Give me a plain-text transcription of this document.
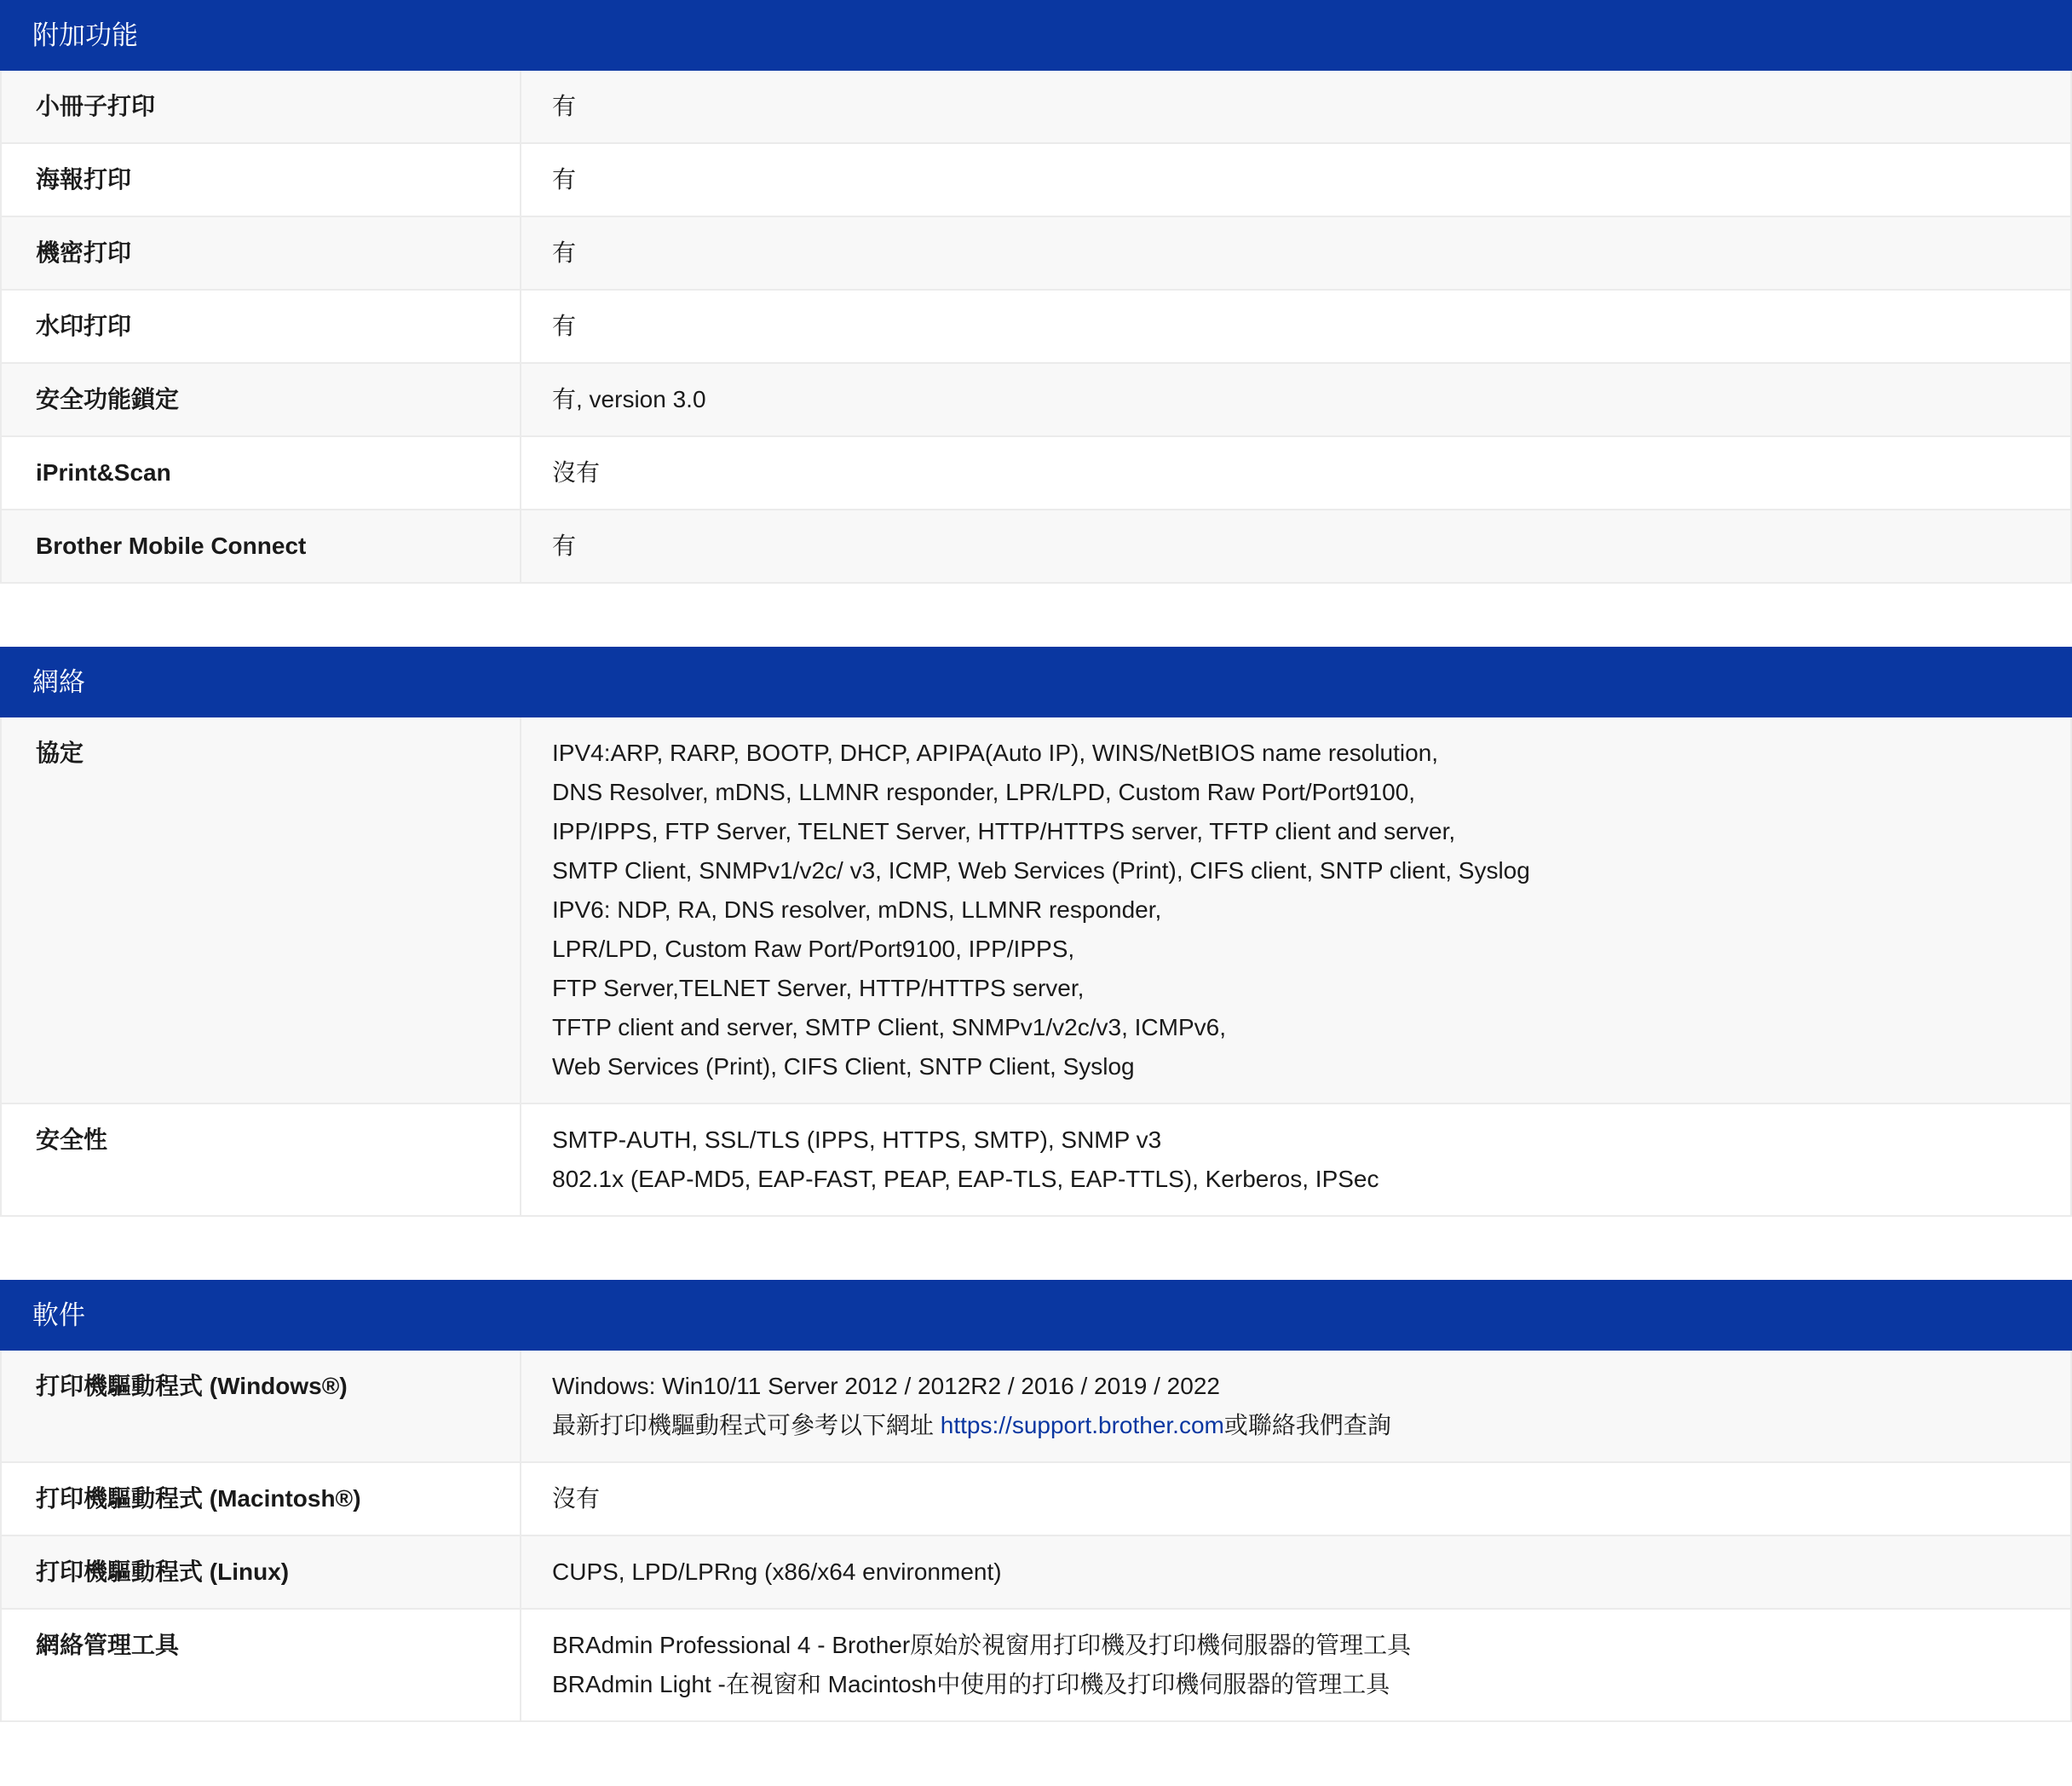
附加功能
小冊子打印	有
海報打印	有
機密打印	有
水印打印	有
安全功能鎖定	有, version 3.0
iPrint&Scan	沒有
Brother Mobile Connect	有
網絡
協定	IPV4:ARP, RARP, BOOTP, DHCP, APIPA(Auto IP), WINS/NetBIOS name resolution,
DNS Resolver, mDNS, LLMNR responder, LPR/LPD, Custom Raw Port/Port9100,
IPP/IPPS, FTP Server, TELNET Server, HTTP/HTTPS server, TFTP client and server,
SMTP Client, SNMPv1/v2c/ v3, ICMP, Web Services (Print), CIFS client, SNTP client, Syslog
IPV6: NDP, RA, DNS resolver, mDNS, LLMNR responder,
LPR/LPD, Custom Raw Port/Port9100, IPP/IPPS,
FTP Server,TELNET Server, HTTP/HTTPS server,
TFTP client and server, SMTP Client, SNMPv1/v2c/v3, ICMPv6,
Web Services (Print), CIFS Client, SNTP Client, Syslog
安全性	SMTP-AUTH, SSL/TLS (IPPS, HTTPS, SMTP), SNMP v3
802.1x (EAP-MD5, EAP-FAST, PEAP, EAP-TLS, EAP-TTLS), Kerberos, IPSec
軟件
打印機驅動程式 (Windows®)	Windows: Win10/11 Server 2012 / 2012R2 / 2016 / 2019 / 2022
最新打印機驅動程式可參考以下網址 https://support.brother.com或聯絡我們查詢
打印機驅動程式 (Macintosh®)	沒有
打印機驅動程式 (Linux)	CUPS, LPD/LPRng (x86/x64 environment)
網絡管理工具	BRAdmin Professional 4 - Brother原始於視窗用打印機及打印機伺服器的管理工具
BRAdmin Light -在視窗和 Macintosh中使用的打印機及打印機伺服器的管理工具
